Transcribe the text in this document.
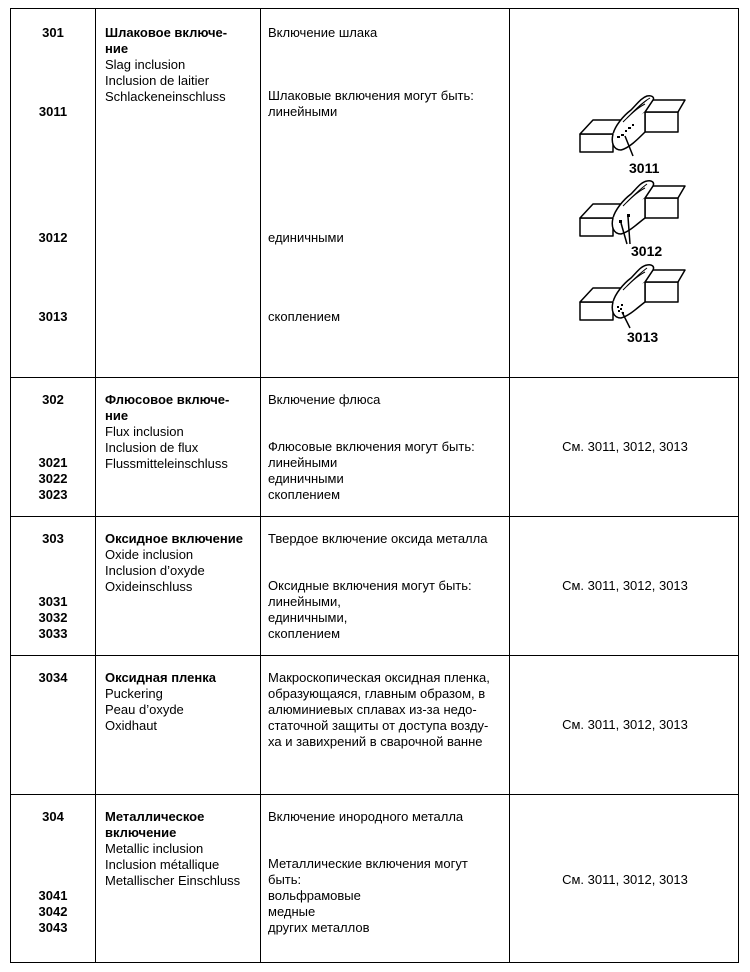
301
3011
3012
3013
Шлаковое включе-
ние
Slag inclusion
Inclusion de laitier
Schlackeneinschluss
Включение шлака
Шлаковые включения могут быть:
линейными
единичными
скоплением
3011
3012
3013
302
3021
3022
3023
Флюсовое включе-
ние
Flux inclusion
Inclusion de flux
Flussmitteleinschluss
Включение флюса
Флюсовые включения могут быть:
линейными
единичными
скоплением
См. 3011, 3012, 3013
303
3031
3032
3033
Оксидное включение
Oxide inclusion
Inclusion d’oxyde
Oxideinschluss
Твердое включение оксида металла
Оксидные включения могут быть:
линейными,
единичными,
скоплением
См. 3011, 3012, 3013
3034	Оксидная пленка
Puckering
Peau d’oxyde
Oxidhaut
Макроскопическая оксидная пленка,
образующаяся, главным образом, в
алюминиевых сплавах из-за недо-
статочной защиты от доступа возду-
ха и завихрений в сварочной ванне
См. 3011, 3012, 3013
304
3041
3042
3043
Металлическое
включение
Metallic inclusion
Inclusion métallique
Metallischer Einschluss
Включение инородного металла
Металлические включения могут
быть:
вольфрамовые
медные
других металлов
См. 3011, 3012, 3013
